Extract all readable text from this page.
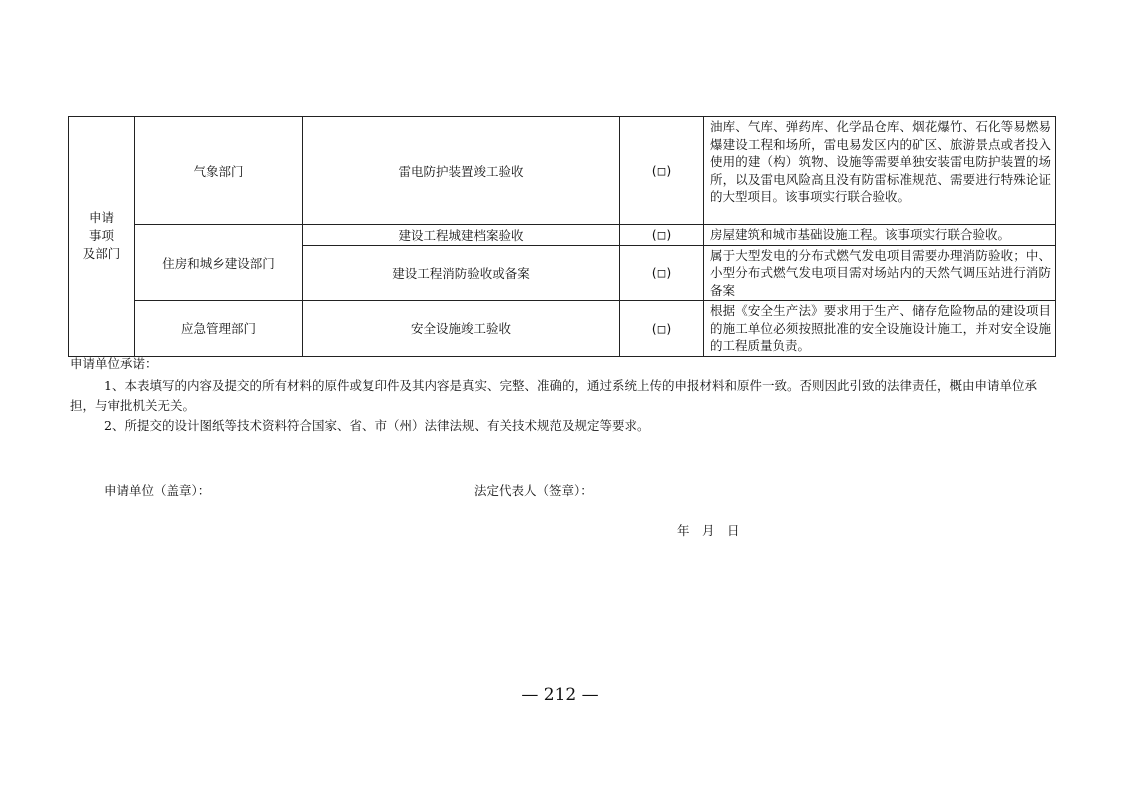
申请
事项
及部门	气象部门	雷电防护装置竣工验收	(□)	油库、气库、弹药库、化学品仓库、烟花爆竹、石化等易燃易爆建设工程和场所，雷电易发区内的矿区、旅游景点或者投入使用的建（构）筑物、设施等需要单独安装雷电防护装置的场所，以及雷电风险高且没有防雷标准规范、需要进行特殊论证的大型项目。该事项实行联合验收。
	住房和城乡建设部门	建设工程城建档案验收	(□)	房屋建筑和城市基础设施工程。该事项实行联合验收。
		建设工程消防验收或备案	(□)	属于大型发电的分布式燃气发电项目需要办理消防验收；中、小型分布式燃气发电项目需对场站内的天然气调压站进行消防备案
	应急管理部门	安全设施竣工验收	(□)	根据《安全生产法》要求用于生产、储存危险物品的建设项目的施工单位必须按照批准的安全设施设计施工，并对安全设施的工程质量负责。
申请单位承诺：
1、本表填写的内容及提交的所有材料的原件或复印件及其内容是真实、完整、准确的，通过系统上传的申报材料和原件一致。否则因此引致的法律责任，概由申请单位承担，与审批机关无关。
2、所提交的设计图纸等技术资料符合国家、省、市（州）法律法规、有关技术规范及规定等要求。
申请单位（盖章）：	法定代表人（签章）：
年　月　日
— 212 —
